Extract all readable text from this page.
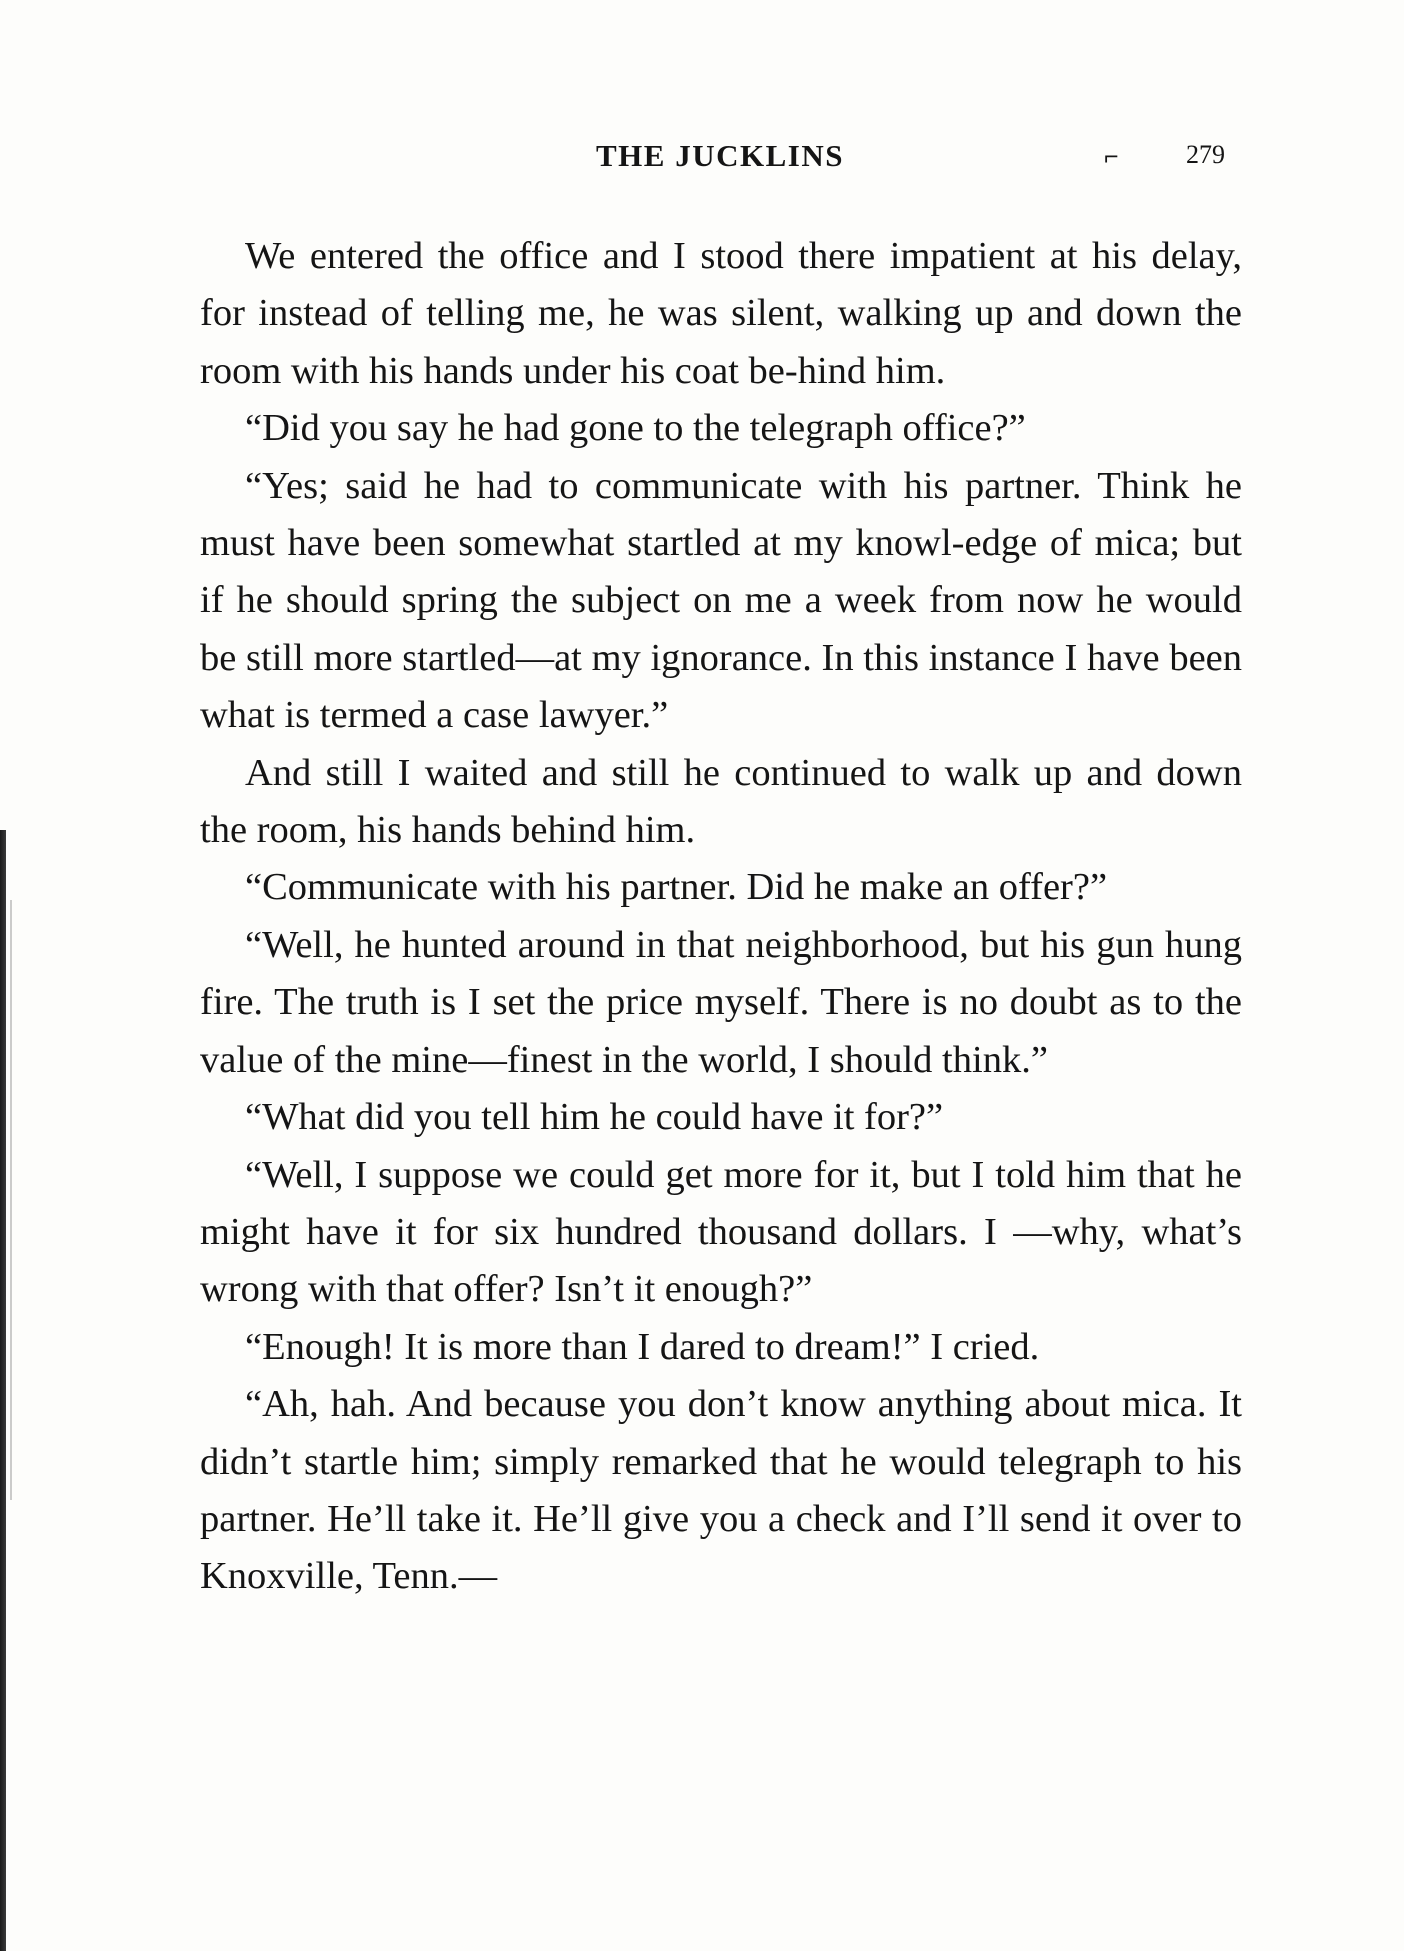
THE JUCKLINS	⌐	279

We entered the office and I stood there impatient at his delay, for instead of telling me, he was silent, walking up and down the room with his hands under his coat be-hind him.

“Did you say he had gone to the telegraph office?”

“Yes; said he had to communicate with his partner. Think he must have been somewhat startled at my knowl-edge of mica; but if he should spring the subject on me a week from now he would be still more startled—at my ignorance. In this instance I have been what is termed a case lawyer.”

And still I waited and still he continued to walk up and down the room, his hands behind him.

“Communicate with his partner. Did he make an offer?”

“Well, he hunted around in that neighborhood, but his gun hung fire. The truth is I set the price myself. There is no doubt as to the value of the mine—finest in the world, I should think.”

“What did you tell him he could have it for?”

“Well, I suppose we could get more for it, but I told him that he might have it for six hundred thousand dollars. I —why, what’s wrong with that offer? Isn’t it enough?”

“Enough! It is more than I dared to dream!” I cried.

“Ah, hah. And because you don’t know anything about mica. It didn’t startle him; simply remarked that he would telegraph to his partner. He’ll take it. He’ll give you a check and I’ll send it over to Knoxville, Tenn.—
